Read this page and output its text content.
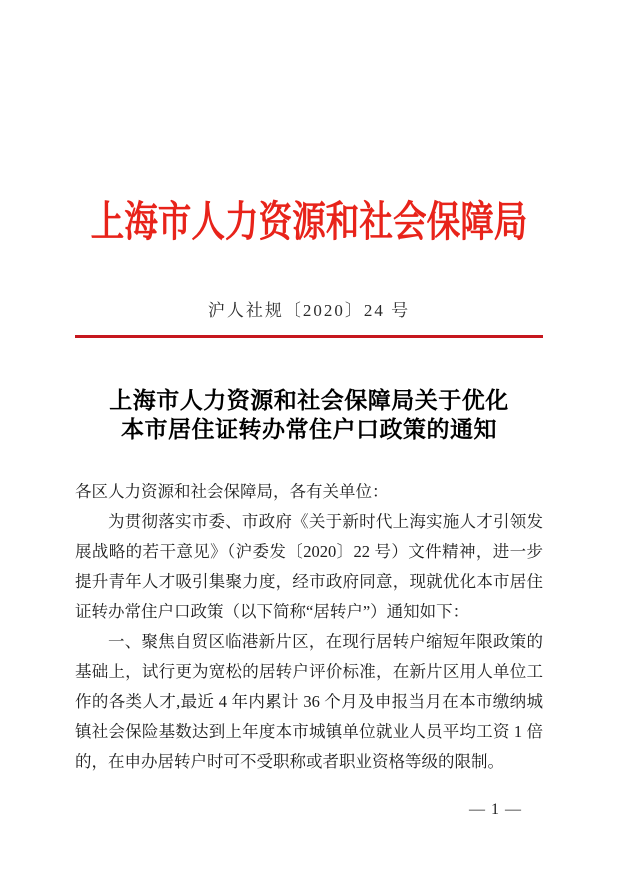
上海市人力资源和社会保障局
沪人社规〔2020〕24 号
上海市人力资源和社会保障局关于优化
本市居住证转办常住户口政策的通知
各区人力资源和社会保障局，各有关单位：
为贯彻落实市委、市政府《关于新时代上海实施人才引领发
展战略的若干意见》（沪委发〔2020〕22 号）文件精神，进一步
提升青年人才吸引集聚力度，经市政府同意，现就优化本市居住
证转办常住户口政策（以下简称“居转户”）通知如下：
一、聚焦自贸区临港新片区，在现行居转户缩短年限政策的
基础上，试行更为宽松的居转户评价标准，在新片区用人单位工
作的各类人才,最近 4 年内累计 36 个月及申报当月在本市缴纳城
镇社会保险基数达到上年度本市城镇单位就业人员平均工资 1 倍
的，在申办居转户时可不受职称或者职业资格等级的限制。
— 1 —
